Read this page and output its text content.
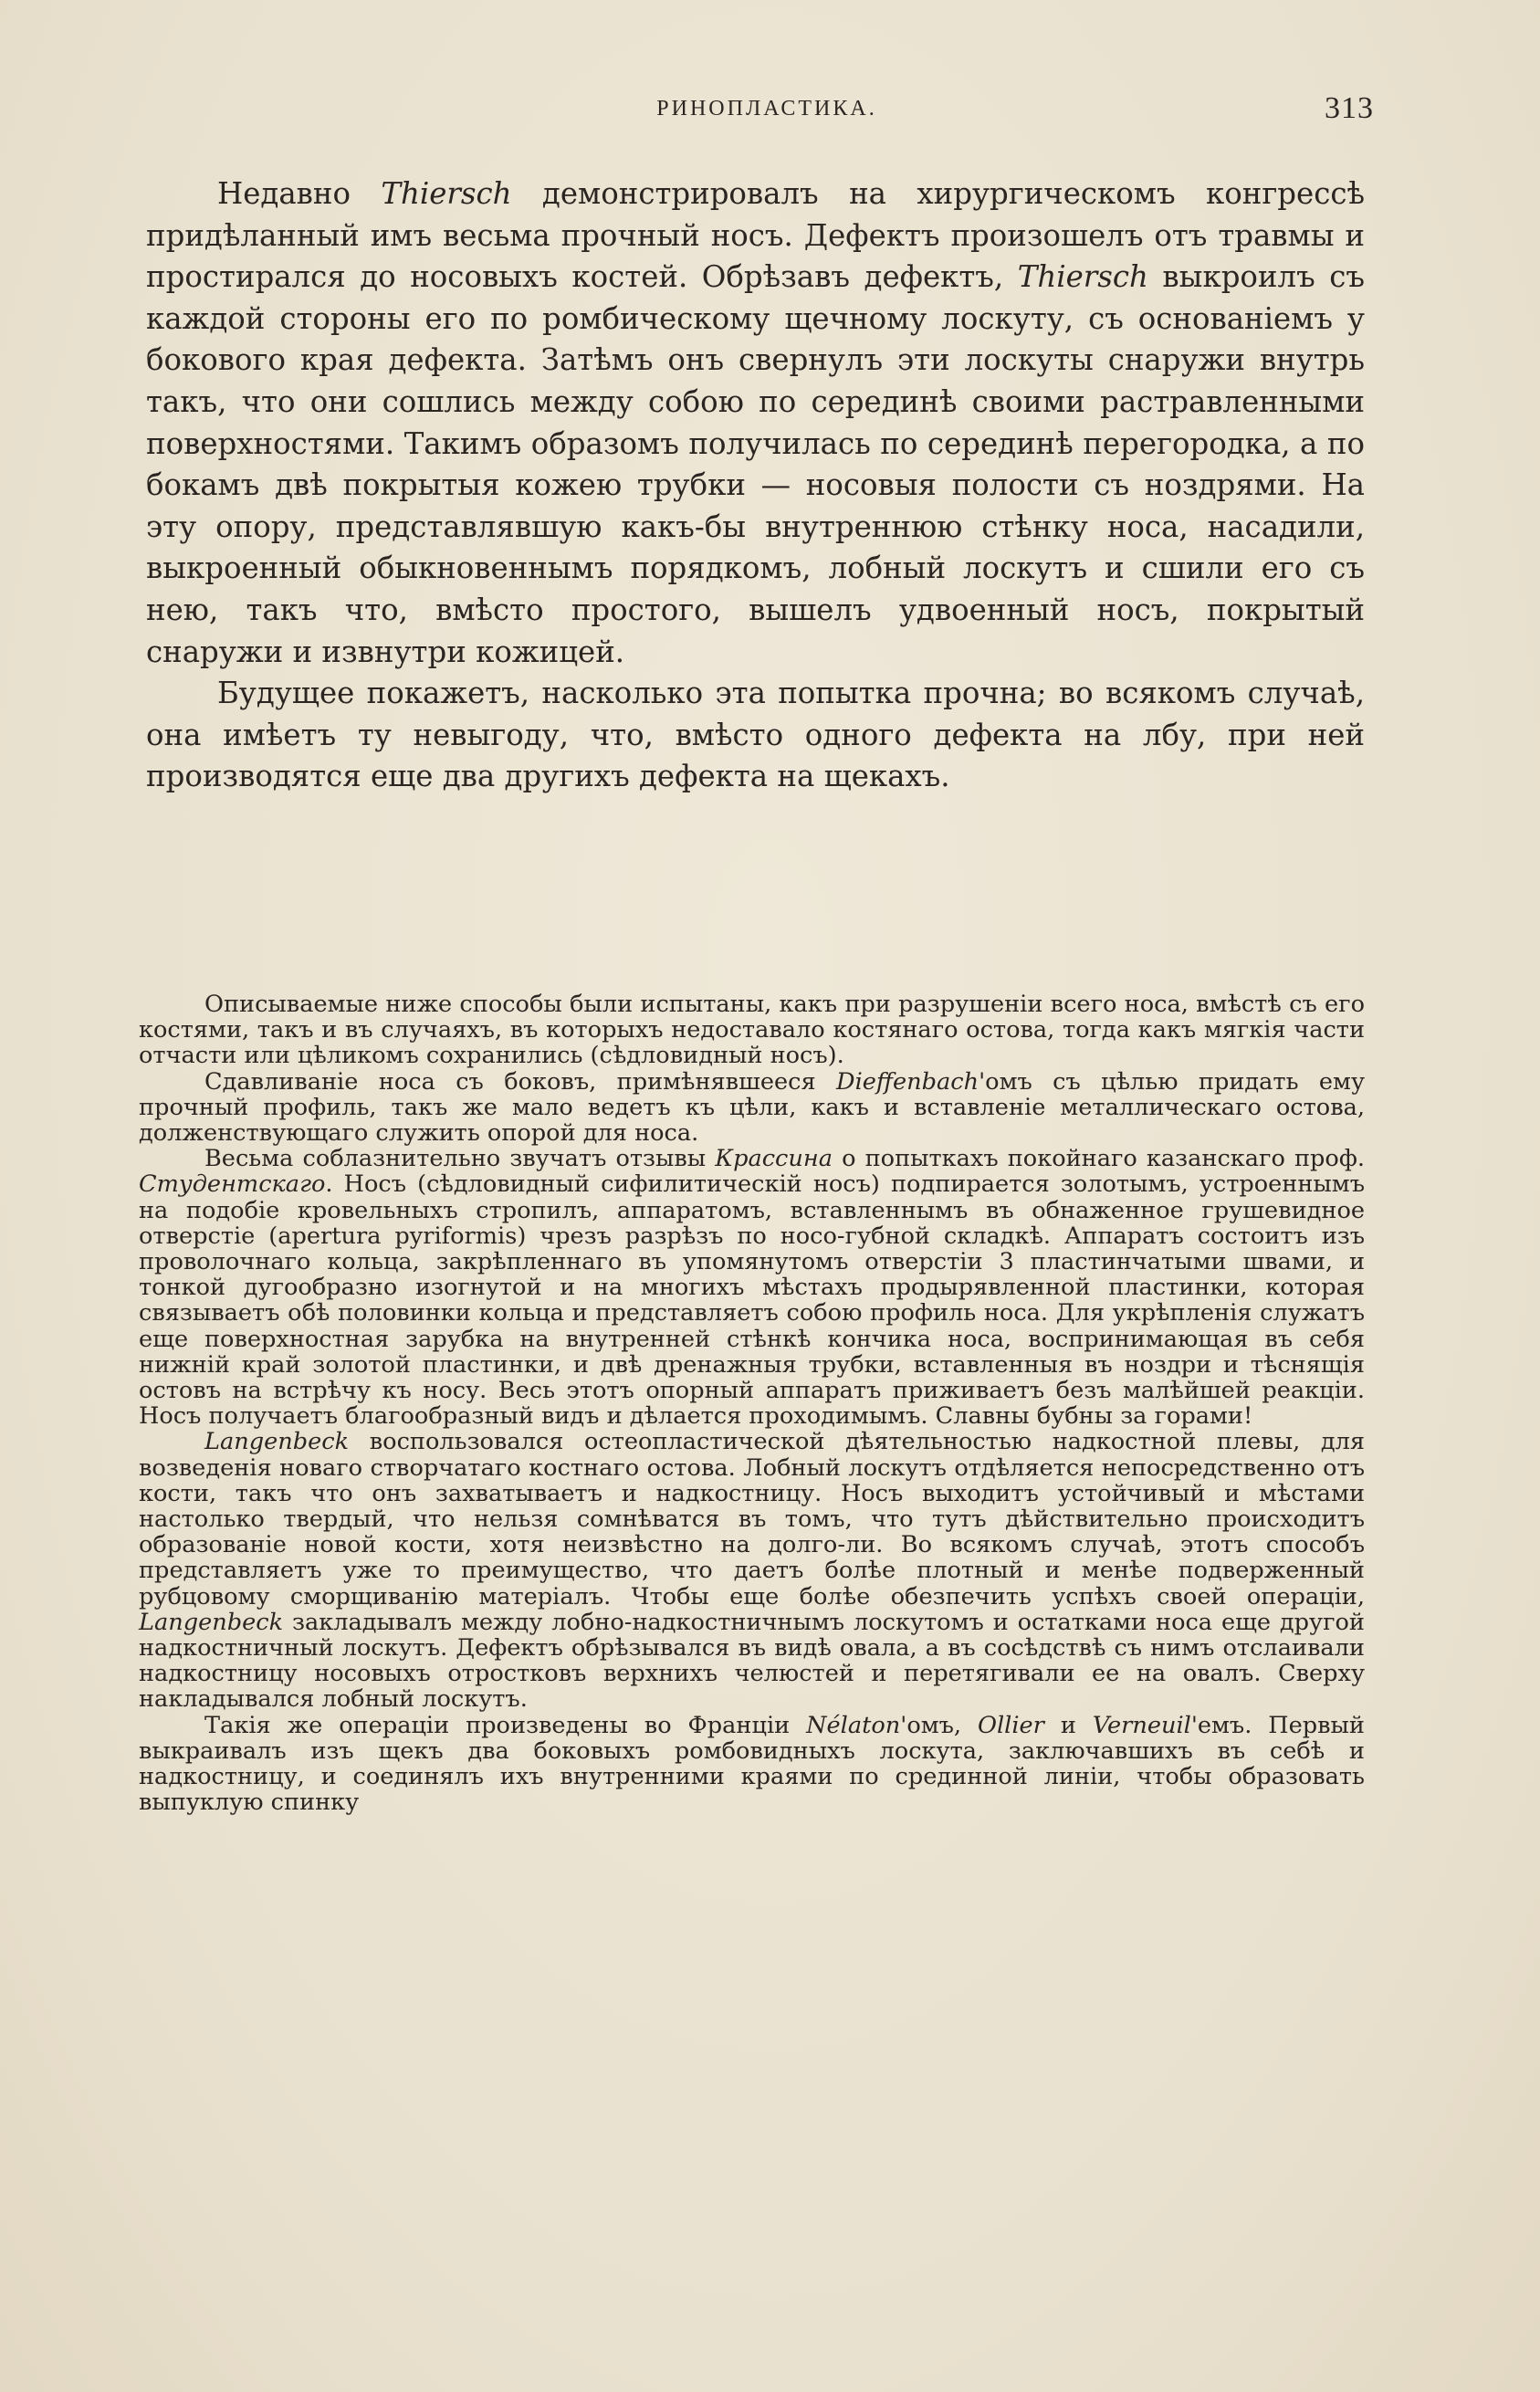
РИНОПЛАСТИКА.	313

Недавно Thiersch демонстрировалъ на хирургическомъ конгрессѣ придѣланный имъ весьма прочный носъ. Дефектъ произошелъ отъ травмы и простирался до носовыхъ костей. Обрѣзавъ дефектъ, Thiersch выкроилъ съ каждой стороны его по ромбическому щечному лоскуту, съ основаніемъ у бокового края дефекта. Затѣмъ онъ свернулъ эти лоскуты снаружи внутрь такъ, что они сошлись между собою по серединѣ своими растравленными поверхностями. Такимъ образомъ получилась по серединѣ перегородка, а по бокамъ двѣ покрытыя кожею трубки — носовыя полости съ ноздрями. На эту опору, представлявшую какъ-бы внутреннюю стѣнку носа, насадили, выкроенный обыкновеннымъ порядкомъ, лобный лоскутъ и сшили его съ нею, такъ что, вмѣсто простого, вышелъ удвоенный носъ, покрытый снаружи и извнутри кожицей.

Будущее покажетъ, насколько эта попытка прочна; во всякомъ случаѣ, она имѣетъ ту невыгоду, что, вмѣсто одного дефекта на лбу, при ней производятся еще два другихъ дефекта на щекахъ.

Описываемые ниже способы были испытаны, какъ при разрушеніи всего носа, вмѣстѣ съ его костями, такъ и въ случаяхъ, въ которыхъ недоставало костянаго остова, тогда какъ мягкія части отчасти или цѣликомъ сохранились (сѣдловидный носъ).

Сдавливаніе носа съ боковъ, примѣнявшееся Dieffenbach'омъ съ цѣлью придать ему прочный профиль, такъ же мало ведетъ къ цѣли, какъ и вставленіе металлическаго остова, долженствующаго служить опорой для носа.

Весьма соблазнительно звучатъ отзывы Крассина о попыткахъ покойнаго казанскаго проф. Студентскаго. Носъ (сѣдловидный сифилитическій носъ) подпирается золотымъ, устроеннымъ на подобіе кровельныхъ стропилъ, аппаратомъ, вставленнымъ въ обнаженное грушевидное отверстіе (apertura pyriformis) чрезъ разрѣзъ по носо-губной складкѣ. Аппаратъ состоитъ изъ проволочнаго кольца, закрѣпленнаго въ упомянутомъ отверстіи 3 пластинчатыми швами, и тонкой дугообразно изогнутой и на многихъ мѣстахъ продырявленной пластинки, которая связываетъ обѣ половинки кольца и представляетъ собою профиль носа. Для укрѣпленія служатъ еще поверхностная зарубка на внутренней стѣнкѣ кончика носа, воспринимающая въ себя нижній край золотой пластинки, и двѣ дренажныя трубки, вставленныя въ ноздри и тѣснящія остовъ на встрѣчу къ носу. Весь этотъ опорный аппаратъ приживаетъ безъ малѣйшей реакціи. Носъ получаетъ благообразный видъ и дѣлается проходимымъ. Славны бубны за горами!

Langenbeck воспользовался остеопластической дѣятельностью надкостной плевы, для возведенія новаго створчатаго костнаго остова. Лобный лоскутъ отдѣляется непосредственно отъ кости, такъ что онъ захватываетъ и надкостницу. Носъ выходитъ устойчивый и мѣстами настолько твердый, что нельзя сомнѣватся въ томъ, что тутъ дѣйствительно происходитъ образованіе новой кости, хотя неизвѣстно на долго-ли. Во всякомъ случаѣ, этотъ способъ представляетъ уже то преимущество, что даетъ болѣе плотный и менѣе подверженный рубцовому сморщиванію матеріалъ. Чтобы еще болѣе обезпечить успѣхъ своей операціи, Langenbeck закладывалъ между лобно-надкостничнымъ лоскутомъ и остатками носа еще другой надкостничный лоскутъ. Дефектъ обрѣзывался въ видѣ овала, а въ сосѣдствѣ съ нимъ отслаивали надкостницу носовыхъ отростковъ верхнихъ челюстей и перетягивали ее на овалъ. Сверху накладывался лобный лоскутъ.

Такія же операціи произведены во Франціи Nélaton'омъ, Ollier и Verneuil'емъ. Первый выкраивалъ изъ щекъ два боковыхъ ромбовидныхъ лоскута, заключавшихъ въ себѣ и надкостницу, и соединялъ ихъ внутренними краями по срединной линіи, чтобы образовать выпуклую спинку
